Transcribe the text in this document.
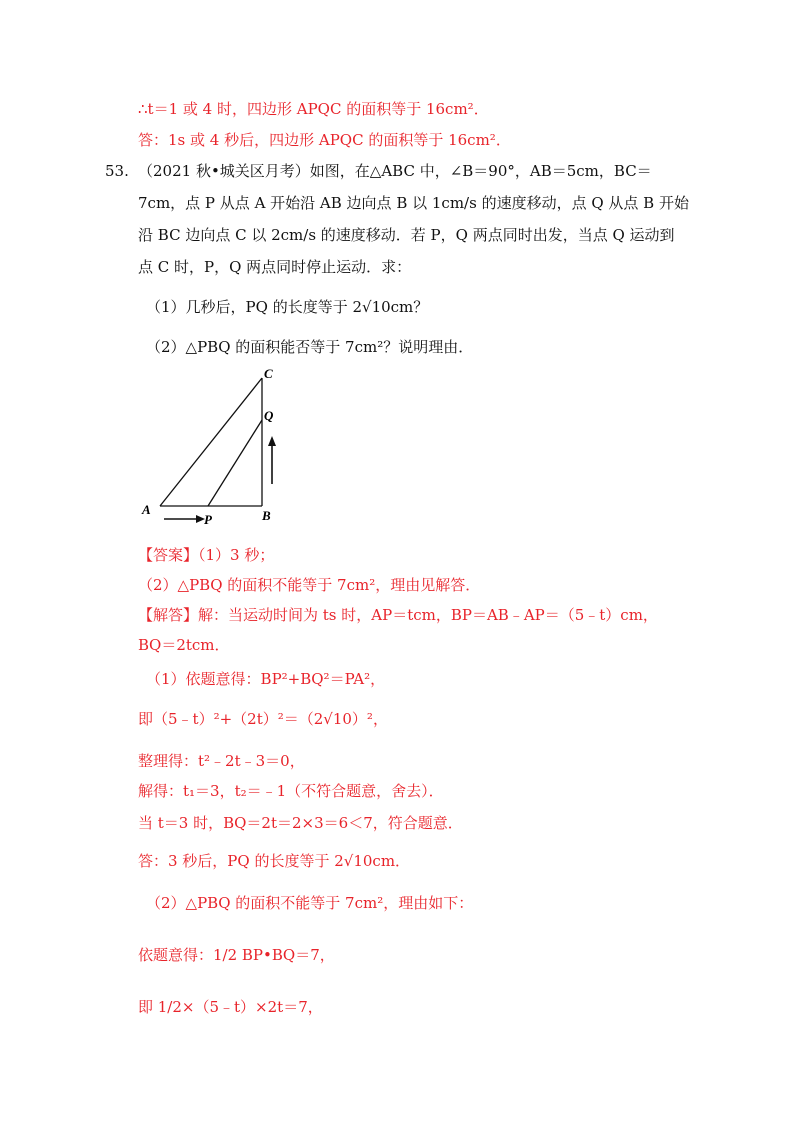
∴t＝1 或 4 时，四边形 APQC 的面积等于 16cm²．
答：1s 或 4 秒后，四边形 APQC 的面积等于 16cm²．
53. （2021 秋•城关区月考）如图，在△ABC 中，∠B＝90°，AB＝5cm，BC＝
7cm，点 P 从点 A 开始沿 AB 边向点 B 以 1cm/s 的速度移动，点 Q 从点 B 开始
沿 BC 边向点 C 以 2cm/s 的速度移动．若 P，Q 两点同时出发，当点 Q 运动到
点 C 时，P，Q 两点同时停止运动．求：
（1）几秒后，PQ 的长度等于 2√10cm？
（2）△PBQ 的面积能否等于 7cm²？说明理由．
A	B
C
P
Q
【答案】（1）3 秒；
（2）△PBQ 的面积不能等于 7cm²，理由见解答．
【解答】解：当运动时间为 ts 时，AP＝tcm，BP＝AB﹣AP＝（5﹣t）cm，
BQ＝2tcm．
（1）依题意得：BP²+BQ²＝PA²，
即（5﹣t）²+（2t）²＝（2√10）²，
整理得：t²﹣2t﹣3＝0，
解得：t₁＝3，t₂＝﹣1（不符合题意，舍去）．
当 t＝3 时，BQ＝2t＝2×3＝6＜7，符合题意．
答：3 秒后，PQ 的长度等于 2√10cm．
（2）△PBQ 的面积不能等于 7cm²，理由如下：
依题意得：1/2 BP•BQ＝7，
即 1/2×（5﹣t）×2t＝7，
